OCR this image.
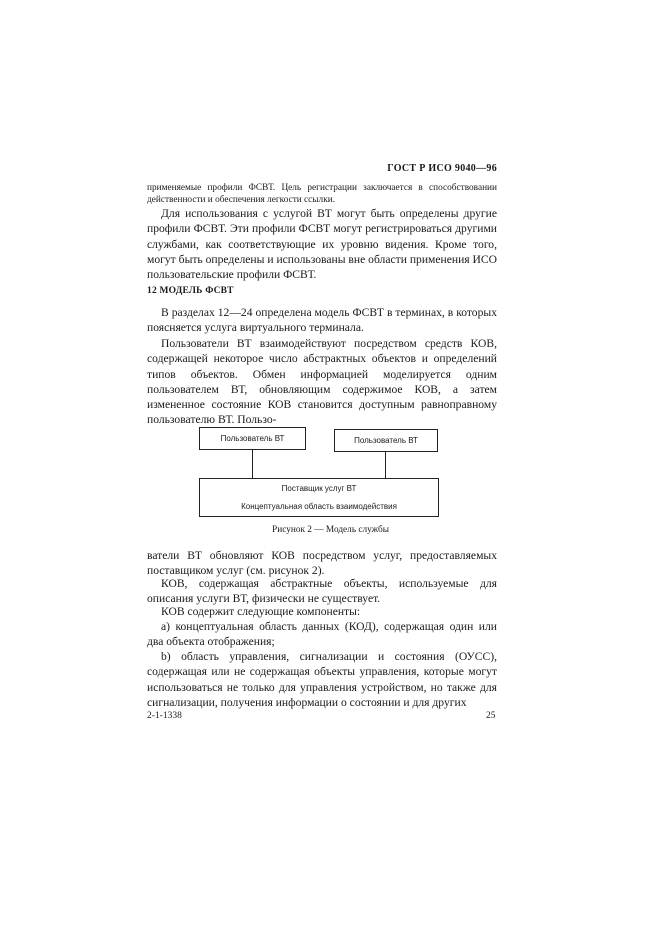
ГОСТ Р ИСО 9040—96
применяемые профили ФСВТ. Цель регистрации заключается в способствовании действенности и обеспечения легкости ссылки.

Для использования с услугой ВТ могут быть определены другие профили ФСВТ. Эти профили ФСВТ могут регистрироваться другими службами, как соответствующие их уровню видения. Кроме того, могут быть определены и использованы вне области применения ИСО пользовательские профили ФСВТ.

12 МОДЕЛЬ ФСВТ

В разделах 12—24 определена модель ФСВТ в терминах, в которых поясняется услуга виртуального терминала.

Пользователи ВТ взаимодействуют посредством средств КОВ, содержащей некоторое число абстрактных объектов и определений типов объектов. Обмен информацией моделируется одним пользователем ВТ, обновляющим содержимое КОВ, а затем измененное состояние КОВ становится доступным равноправному пользователю ВТ. Пользо-

Пользователь ВТ	Пользователь ВТ
Поставщик услуг ВТ
Концептуальная область взаимодействия
Рисунок 2 — Модель службы

ватели ВТ обновляют КОВ посредством услуг, предоставляемых поставщиком услуг (см. рисунок 2).

КОВ, содержащая абстрактные объекты, используемые для описания услуги ВТ, физически не существует.

КОВ содержит следующие компоненты:

а) концептуальная область данных (КОД), содержащая один или два объекта отображения;

b) область управления, сигнализации и состояния (ОУСС), содержащая или не содержащая объекты управления, которые могут использоваться не только для управления устройством, но также для сигнализации, получения информации о состоянии и для других

2-1-1338	25
